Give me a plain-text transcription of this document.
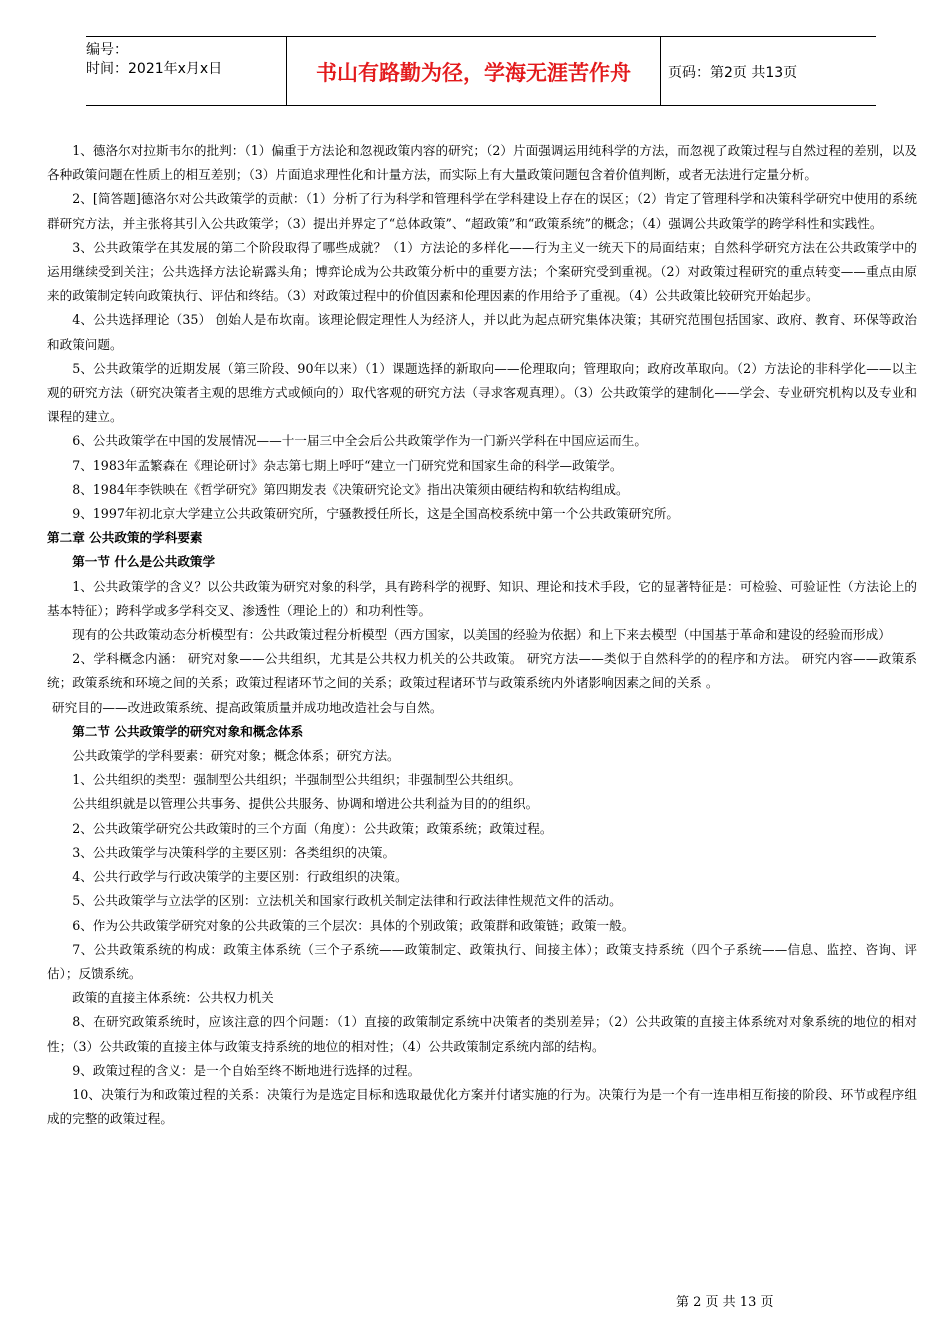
编号：
时间：2021年x月x日	书山有路勤为径，学海无涯苦作舟	页码：第2页 共13页

1、德洛尔对拉斯韦尔的批判：（1）偏重于方法论和忽视政策内容的研究；（2）片面强调运用纯科学的方法，而忽视了政策过程与自然过程的差别，以及各种政策问题在性质上的相互差别；（3）片面追求理性化和计量方法，而实际上有大量政策问题包含着价值判断，或者无法进行定量分析。

2、[简答题]德洛尔对公共政策学的贡献：（1）分析了行为科学和管理科学在学科建设上存在的误区；（2）肯定了管理科学和决策科学研究中使用的系统群研究方法，并主张将其引入公共政策学；（3）提出并界定了“总体政策”、“超政策”和“政策系统”的概念；（4）强调公共政策学的跨学科性和实践性。

3、公共政策学在其发展的第二个阶段取得了哪些成就？（1）方法论的多样化——行为主义一统天下的局面结束；自然科学研究方法在公共政策学中的运用继续受到关注；公共选择方法论崭露头角；博弈论成为公共政策分析中的重要方法；个案研究受到重视。（2）对政策过程研究的重点转变——重点由原来的政策制定转向政策执行、评估和终结。（3）对政策过程中的价值因素和伦理因素的作用给予了重视。（4）公共政策比较研究开始起步。

4、公共选择理论（35） 创始人是布坎南。该理论假定理性人为经济人，并以此为起点研究集体决策；其研究范围包括国家、政府、教育、环保等政治和政策问题。

5、公共政策学的近期发展（第三阶段、90年以来）（1）课题选择的新取向——伦理取向；管理取向；政府改革取向。（2）方法论的非科学化——以主观的研究方法（研究决策者主观的思维方式或倾向的）取代客观的研究方法（寻求客观真理）。（3）公共政策学的建制化——学会、专业研究机构以及专业和课程的建立。

6、公共政策学在中国的发展情况——十一届三中全会后公共政策学作为一门新兴学科在中国应运而生。

7、1983年孟繁森在《理论研讨》杂志第七期上呼吁“建立一门研究党和国家生命的科学—政策学。

8、1984年李铁映在《哲学研究》第四期发表《决策研究论文》指出决策须由硬结构和软结构组成。

9、1997年初北京大学建立公共政策研究所，宁骚教授任所长，这是全国高校系统中第一个公共政策研究所。

第二章 公共政策的学科要素

第一节 什么是公共政策学

1、公共政策学的含义？以公共政策为研究对象的科学，具有跨科学的视野、知识、理论和技术手段，它的显著特征是：可检验、可验证性（方法论上的基本特征）；跨科学或多学科交叉、渗透性（理论上的）和功利性等。

现有的公共政策动态分析模型有：公共政策过程分析模型（西方国家，以美国的经验为依据）和上下来去模型（中国基于革命和建设的经验而形成）

2、学科概念内涵： 研究对象——公共组织，尤其是公共权力机关的公共政策。 研究方法——类似于自然科学的的程序和方法。 研究内容——政策系统；政策系统和环境之间的关系；政策过程诸环节之间的关系；政策过程诸环节与政策系统内外诸影响因素之间的关系 。

研究目的——改进政策系统、提高政策质量并成功地改造社会与自然。

第二节 公共政策学的研究对象和概念体系

公共政策学的学科要素：研究对象；概念体系；研究方法。

1、公共组织的类型：强制型公共组织；半强制型公共组织；非强制型公共组织。

公共组织就是以管理公共事务、提供公共服务、协调和增进公共利益为目的的组织。

2、公共政策学研究公共政策时的三个方面（角度）：公共政策；政策系统；政策过程。

3、公共政策学与决策科学的主要区别：各类组织的决策。

4、公共行政学与行政决策学的主要区别：行政组织的决策。

5、公共政策学与立法学的区别：立法机关和国家行政机关制定法律和行政法律性规范文件的活动。

6、作为公共政策学研究对象的公共政策的三个层次：具体的个别政策；政策群和政策链；政策一般。

7、公共政策系统的构成：政策主体系统（三个子系统——政策制定、政策执行、间接主体）；政策支持系统（四个子系统——信息、监控、咨询、评估）；反馈系统。

政策的直接主体系统：公共权力机关

8、在研究政策系统时，应该注意的四个问题：（1）直接的政策制定系统中决策者的类别差异；（2）公共政策的直接主体系统对对象系统的地位的相对性；（3）公共政策的直接主体与政策支持系统的地位的相对性；（4）公共政策制定系统内部的结构。

9、政策过程的含义：是一个自始至终不断地进行选择的过程。

10、决策行为和政策过程的关系：决策行为是选定目标和选取最优化方案并付诸实施的行为。决策行为是一个有一连串相互衔接的阶段、环节或程序组成的完整的政策过程。

第 2 页 共 13 页
